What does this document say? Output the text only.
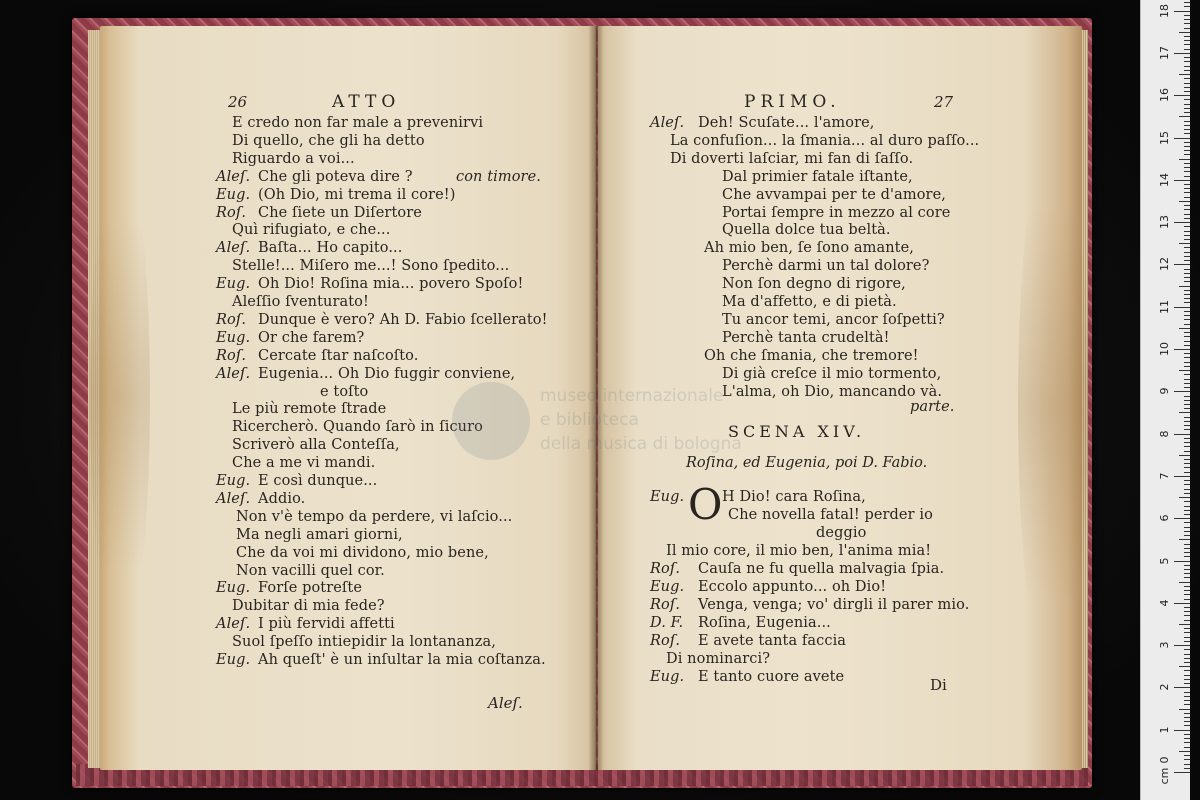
26	ATTO
E credo non far male a prevenirvi
Di quello, che gli ha detto
Riguardo a voi...
Aleſ. Che gli poteva dire ?	con timore.
Eug. (Oh Dio, mi trema il core!)
Roſ. Che ſiete un Diſertore
Quì rifugiato, e che...
Aleſ. Baſta... Ho capito...
Stelle!... Miſero me...! Sono ſpedito...
Eug. Oh Dio! Roſina mia... povero Spoſo!
Aleſſio ſventurato!
Roſ. Dunque è vero? Ah D. Fabio ſcellerato!
Eug. Or che farem?
Roſ. Cercate ſtar naſcoſto.
Aleſ. Eugenia... Oh Dio fuggir conviene,
e toſto
Le più remote ſtrade
Ricercherò. Quando ſarò in ſicuro
Scriverò alla Conteſſa,
Che a me vi mandi.
Eug. E così dunque...
Aleſ. Addio.
Non v'è tempo da perdere, vi laſcio...
Ma negli amari giorni,
Che da voi mi dividono, mio bene,
Non vacilli quel cor.
Eug. Forſe potreſte
Dubitar di mia fede?
Aleſ. I più fervidi affetti
Suol ſpeſſo intiepidir la lontananza,
Eug. Ah queſt' è un inſultar la mia coſtanza.
Aleſ.
PRIMO.	27
Aleſ. Deh! Scuſate... l'amore,
La confuſion... la ſmania... al duro paſſo...
Di doverti laſciar, mi fan di ſaſſo.
Dal primier fatale iſtante,
Che avvampai per te d'amore,
Portai ſempre in mezzo al core
Quella dolce tua beltà.
Ah mio ben, ſe ſono amante,
Perchè darmi un tal dolore?
Non ſon degno di rigore,
Ma d'affetto, e di pietà.
Tu ancor temi, ancor ſoſpetti?
Perchè tanta crudeltà!
Oh che ſmania, che tremore!
Di già creſce il mio tormento,
L'alma, oh Dio, mancando và.
parte.
SCENA XIV.
Roſina, ed Eugenia, poi D. Fabio.
Eug. O H Dio! cara Roſina,
Che novella fatal! perder io
deggio
Il mio core, il mio ben, l'anima mia!
Roſ. Cauſa ne fu quella malvagia ſpia.
Eug. Eccolo appunto... oh Dio!
Roſ. Venga, venga; vo' dirgli il parer mio.
D. F. Roſina, Eugenia...
Roſ. E avete tanta faccia
Di nominarci?
Eug. E tanto cuore avete	Di
cm
1
2
3
4
5
6
7
8
9
10
11
12
13
14
15
16
17
18
0
